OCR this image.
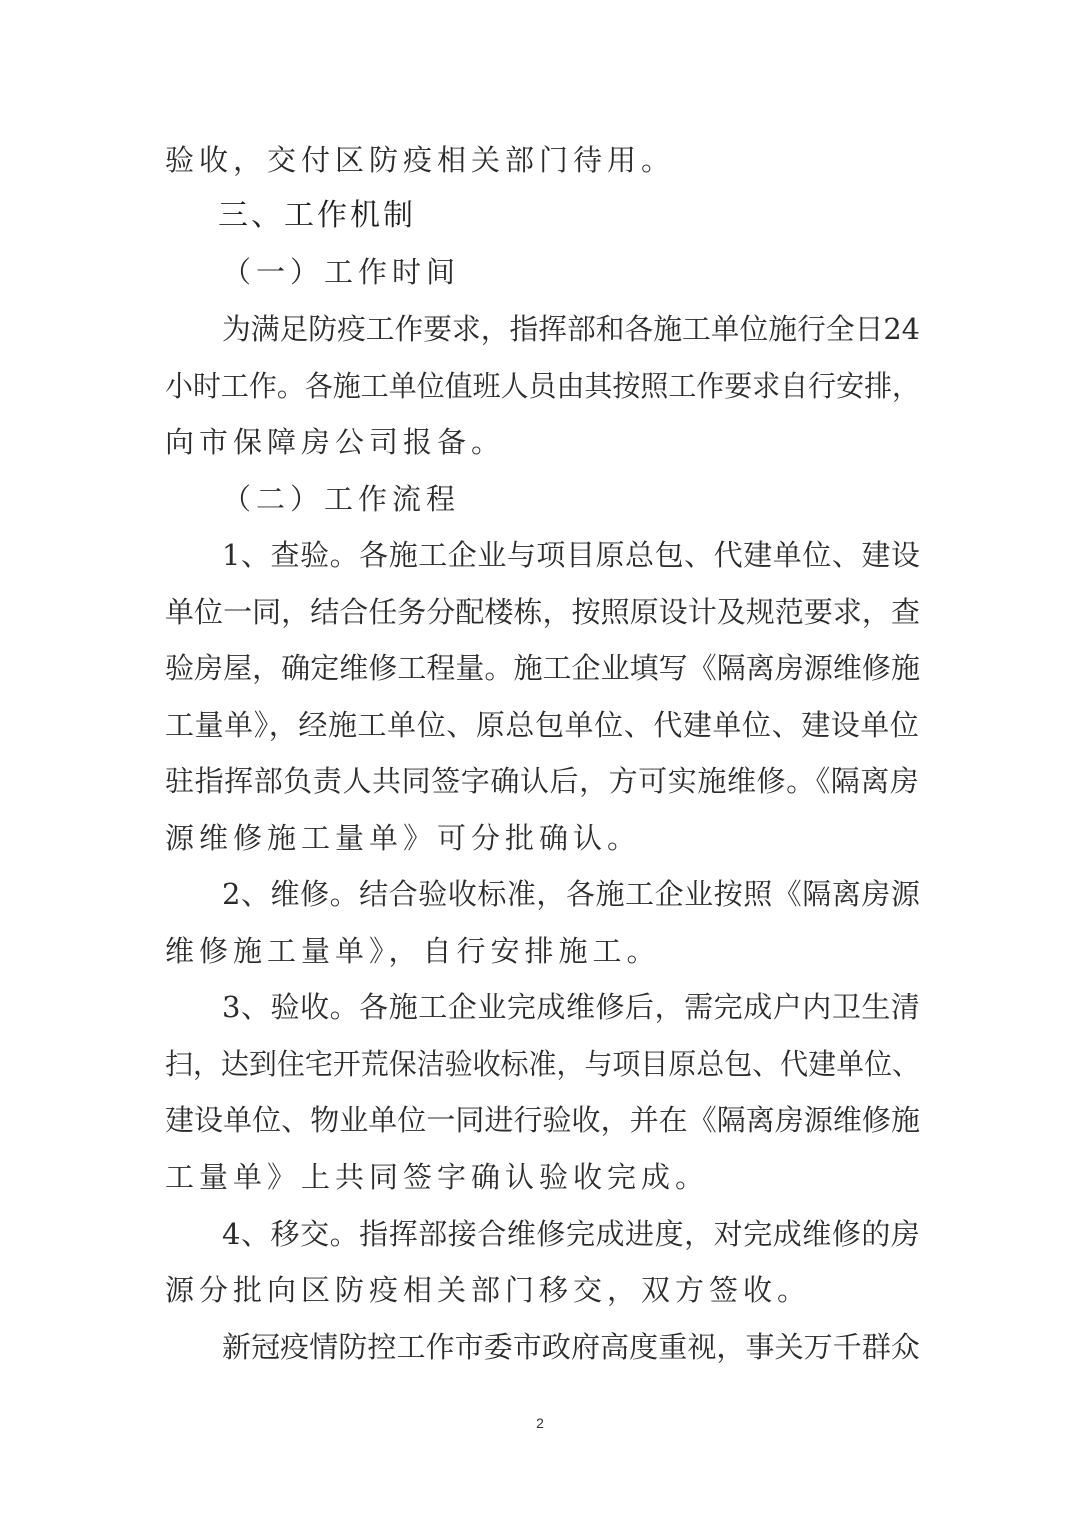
验收，交付区防疫相关部门待用。
三、工作机制
（一）工作时间
为满足防疫工作要求，指挥部和各施工单位施行全日24
小时工作。各施工单位值班人员由其按照工作要求自行安排，
向市保障房公司报备。
（二）工作流程
1、查验。各施工企业与项目原总包、代建单位、建设
单位一同，结合任务分配楼栋，按照原设计及规范要求，查
验房屋，确定维修工程量。施工企业填写《隔离房源维修施
工量单》，经施工单位、原总包单位、代建单位、建设单位
驻指挥部负责人共同签字确认后，方可实施维修。《隔离房
源维修施工量单》可分批确认。
2、维修。结合验收标准，各施工企业按照《隔离房源
维修施工量单》，自行安排施工。
3、验收。各施工企业完成维修后，需完成户内卫生清
扫，达到住宅开荒保洁验收标准，与项目原总包、代建单位、
建设单位、物业单位一同进行验收，并在《隔离房源维修施
工量单》上共同签字确认验收完成。
4、移交。指挥部接合维修完成进度，对完成维修的房
源分批向区防疫相关部门移交，双方签收。
新冠疫情防控工作市委市政府高度重视，事关万千群众
2
